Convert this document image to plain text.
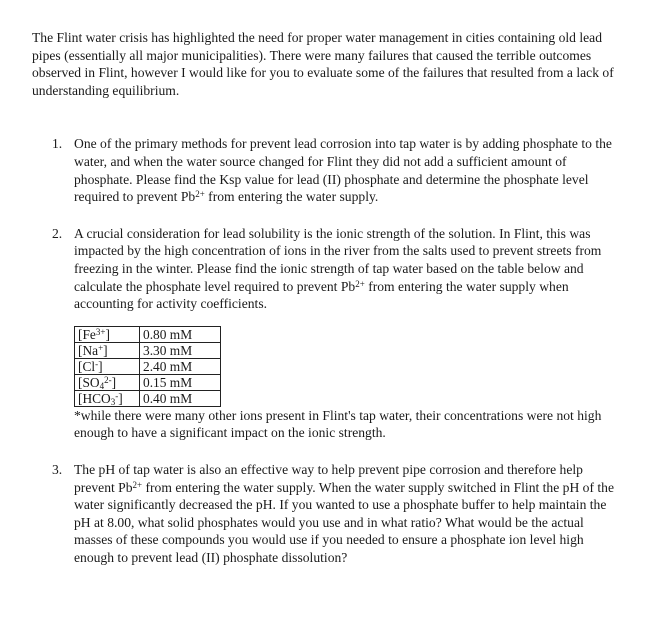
The Flint water crisis has highlighted the need for proper water management in cities containing old lead pipes (essentially all major municipalities). There were many failures that caused the terrible outcomes observed in Flint, however I would like for you to evaluate some of the failures that resulted from a lack of understanding equilibrium.

1. One of the primary methods for prevent lead corrosion into tap water is by adding phosphate to the water, and when the water source changed for Flint they did not add a sufficient amount of phosphate. Please find the Ksp value for lead (II) phosphate and determine the phosphate level required to prevent $Pb^{2+}$ from entering the water supply.

2. A crucial consideration for lead solubility is the ionic strength of the solution. In Flint, this was impacted by the high concentration of ions in the river from the salts used to prevent streets from freezing in the winter. Please find the ionic strength of tap water based on the table below and calculate the phosphate level required to prevent $Pb^{2+}$ from entering the water supply when accounting for activity coefficients.

$[Fe^{3+}]$	0.80 mM
[Na+]	3.30 mM
[Cl-]	2.40 mM
$[SO_4^{2-}]$	0.15 mM
$[HCO_3^-]$	0.40 mM

*while there were many other ions present in Flint's tap water, their concentrations were not high enough to have a significant impact on the ionic strength.

3. The pH of tap water is also an effective way to help prevent pipe corrosion and therefore help prevent $Pb^{2+}$ from entering the water supply. When the water supply switched in Flint the pH of the water significantly decreased the pH. If you wanted to use a phosphate buffer to help maintain the pH at 8.00, what solid phosphates would you use and in what ratio? What would be the actual masses of these compounds you would use if you needed to ensure a phosphate ion level high enough to prevent lead (II) phosphate dissolution?
